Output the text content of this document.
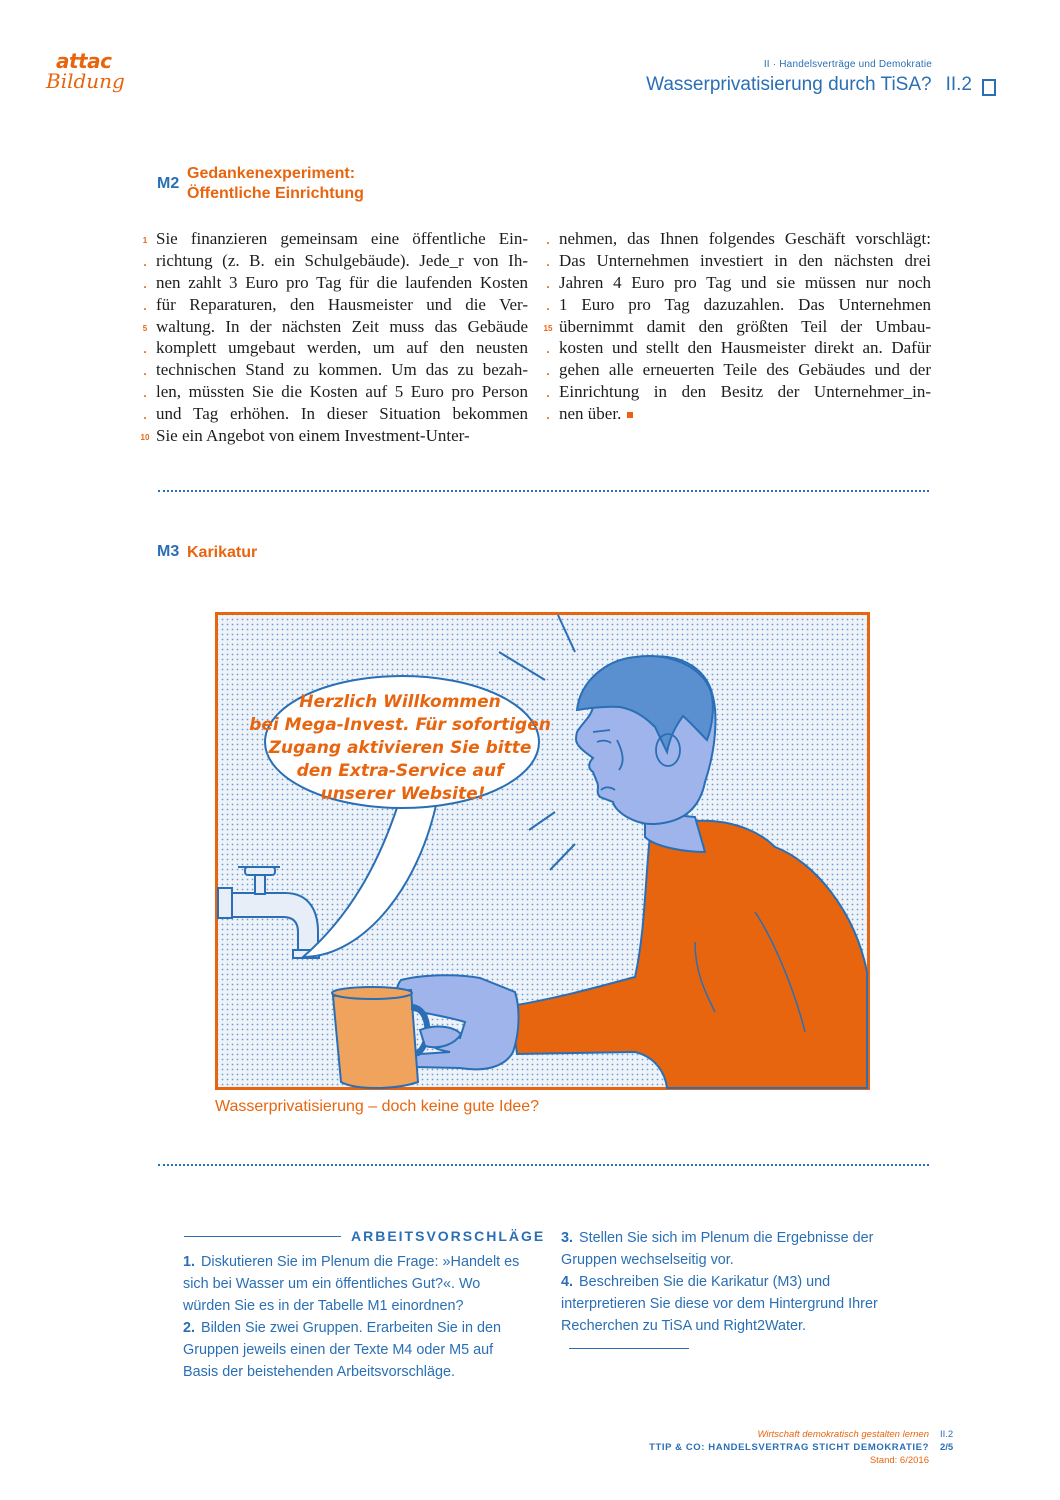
attac
Bildung
II · Handelsverträge und Demokratie
Wasserprivatisierung durch TiSA? II.2
M2
Gedankenexperiment:
Öffentliche Einrichtung
1 Sie finanzieren gemeinsam eine öffentliche Ein-
. richtung (z. B. ein Schulgebäude). Jede_r von Ih-
. nen zahlt 3 Euro pro Tag für die laufenden Kosten
. für Reparaturen, den Hausmeister und die Ver-
5 waltung. In der nächsten Zeit muss das Gebäude
. komplett umgebaut werden, um auf den neusten
. technischen Stand zu kommen. Um das zu bezah-
. len, müssten Sie die Kosten auf 5 Euro pro Person
. und Tag erhöhen. In dieser Situation bekommen
10 Sie ein Angebot von einem Investment-Unter-
. nehmen, das Ihnen folgendes Geschäft vorschlägt:
. Das Unternehmen investiert in den nächsten drei
. Jahren 4 Euro pro Tag und sie müssen nur noch
. 1 Euro pro Tag dazuzahlen. Das Unternehmen
15 übernimmt damit den größten Teil der Umbau-
. kosten und stellt den Hausmeister direkt an. Dafür
. gehen alle erneuerten Teile des Gebäudes und der
. Einrichtung in den Besitz der Unternehmer_in-
. nen über.
M3 Karikatur
Herzlich Willkommen bei Mega-Invest. Für sofortigen Zugang aktivieren Sie bitte den Extra-Service auf unserer Website!
Wasserprivatisierung – doch keine gute Idee?
ARBEITSVORSCHLÄGE

1. Diskutieren Sie im Plenum die Frage: »Handelt es sich bei Wasser um ein öffentliches Gut?«. Wo würden Sie es in der Tabelle M1 einordnen?

2. Bilden Sie zwei Gruppen. Erarbeiten Sie in den Gruppen jeweils einen der Texte M4 oder M5 auf Basis der beistehenden Arbeitsvorschläge.

3. Stellen Sie sich im Plenum die Ergebnisse der Gruppen wechselseitig vor.

4. Beschreiben Sie die Karikatur (M3) und interpretieren Sie diese vor dem Hintergrund Ihrer Recherchen zu TiSA und Right2Water.

Wirtschaft demokratisch gestalten lernen
TTIP & CO: HANDELSVERTRAG STICHT DEMOKRATIE?
Stand: 6/2016
II.2
2/5
